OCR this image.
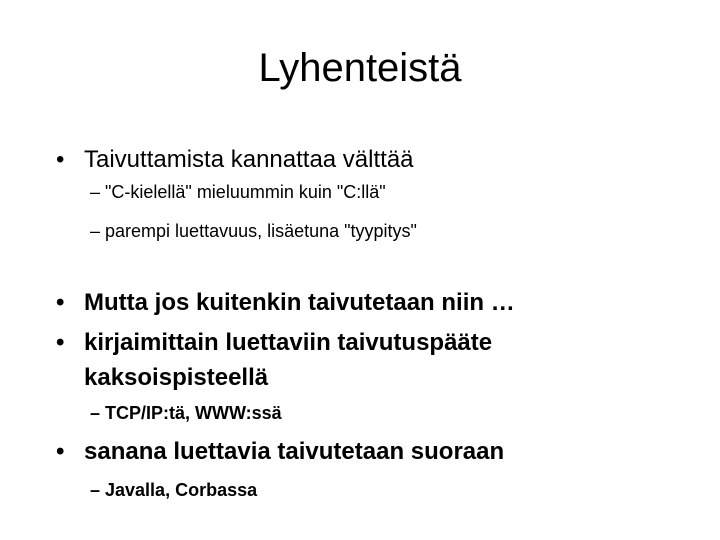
Lyhenteistä
• Taivuttamista kannattaa välttää
– "C-kielellä" mieluummin kuin "C:llä"
– parempi luettavuus, lisäetuna "tyypitys"
• Mutta jos kuitenkin taivutetaan niin …
• kirjaimittain luettaviin taivutuspääte
kaksoispisteellä
– TCP/IP:tä, WWW:ssä
• sanana luettavia taivutetaan suoraan
– Javalla, Corbassa
